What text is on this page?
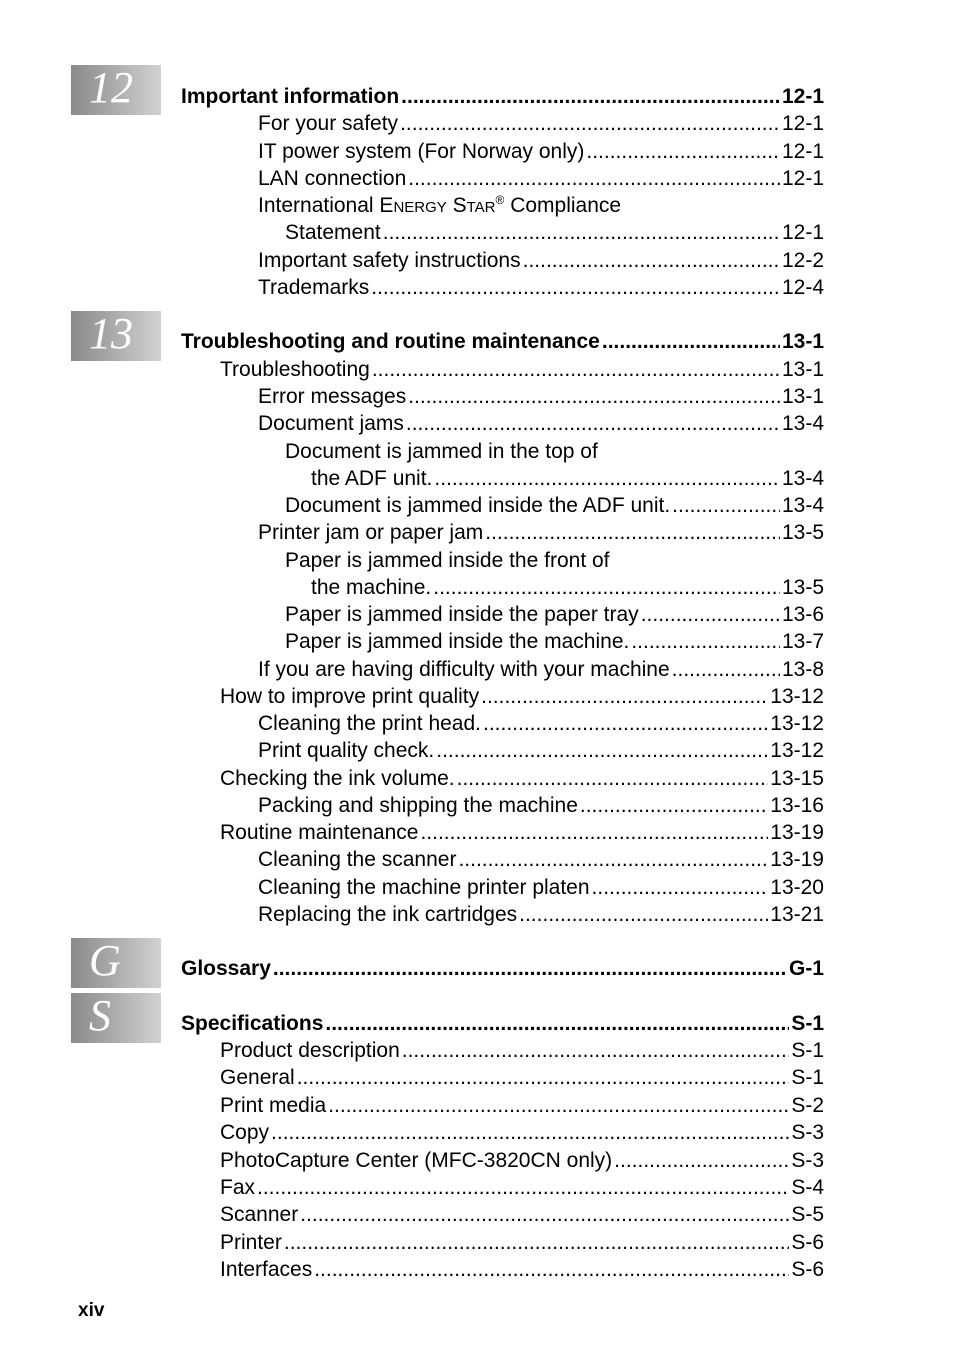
12
13
G
S
Important information .....	12-1
For your safety .....	12-1
IT power system (For Norway only) .....	12-1
LAN connection .....	12-1
International ENERGY STAR® Compliance
Statement .....	12-1
Important safety instructions .....	12-2
Trademarks .....	12-4
Troubleshooting and routine maintenance .....	13-1
Troubleshooting .....	13-1
Error messages .....	13-1
Document jams .....	13-4
Document is jammed in the top of
the ADF unit. .....	13-4
Document is jammed inside the ADF unit. .....	13-4
Printer jam or paper jam .....	13-5
Paper is jammed inside the front of
the machine. .....	13-5
Paper is jammed inside the paper tray .....	13-6
Paper is jammed inside the machine. .....	13-7
If you are having difficulty with your machine .....	13-8
How to improve print quality .....	13-12
Cleaning the print head. .....	13-12
Print quality check. .....	13-12
Checking the ink volume. .....	13-15
Packing and shipping the machine .....	13-16
Routine maintenance .....	13-19
Cleaning the scanner .....	13-19
Cleaning the machine printer platen .....	13-20
Replacing the ink cartridges .....	13-21
Glossary .....	G-1
Specifications .....	S-1
Product description .....	S-1
General .....	S-1
Print media .....	S-2
Copy .....	S-3
PhotoCapture Center (MFC-3820CN only) .....	S-3
Fax .....	S-4
Scanner .....	S-5
Printer .....	S-6
Interfaces .....	S-6
xiv
